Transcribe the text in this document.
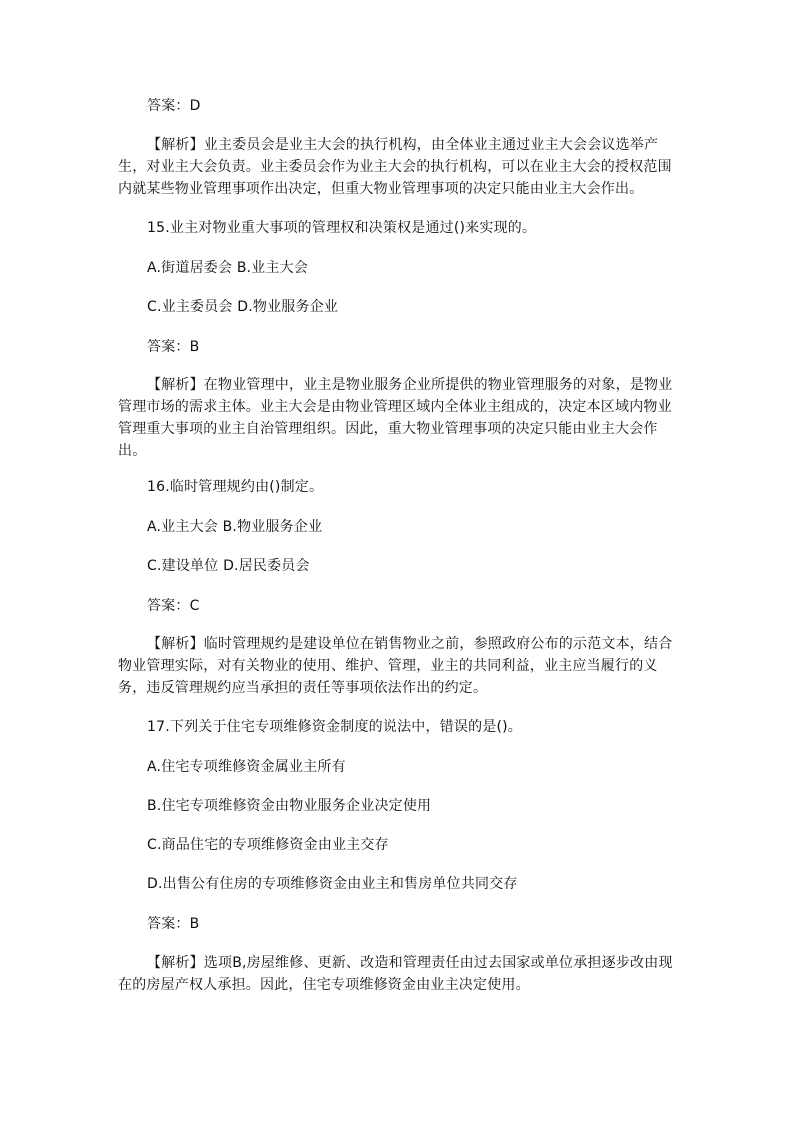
答案：D

【解析】业主委员会是业主大会的执行机构，由全体业主通过业主大会会议选举产生，对业主大会负责。业主委员会作为业主大会的执行机构，可以在业主大会的授权范围内就某些物业管理事项作出决定，但重大物业管理事项的决定只能由业主大会作出。

15.业主对物业重大事项的管理权和决策权是通过()来实现的。

A.街道居委会 B.业主大会

C.业主委员会 D.物业服务企业

答案：B

【解析】在物业管理中，业主是物业服务企业所提供的物业管理服务的对象，是物业管理市场的需求主体。业主大会是由物业管理区域内全体业主组成的，决定本区域内物业管理重大事项的业主自治管理组织。因此，重大物业管理事项的决定只能由业主大会作出。

16.临时管理规约由()制定。

A.业主大会 B.物业服务企业

C.建设单位 D.居民委员会

答案：C

【解析】临时管理规约是建设单位在销售物业之前，参照政府公布的示范文本，结合物业管理实际，对有关物业的使用、维护、管理，业主的共同利益，业主应当履行的义务，违反管理规约应当承担的责任等事项依法作出的约定。

17.下列关于住宅专项维修资金制度的说法中，错误的是()。

A.住宅专项维修资金属业主所有

B.住宅专项维修资金由物业服务企业决定使用

C.商品住宅的专项维修资金由业主交存

D.出售公有住房的专项维修资金由业主和售房单位共同交存

答案：B

【解析】选项B,房屋维修、更新、改造和管理责任由过去国家或单位承担逐步改由现在的房屋产权人承担。因此，住宅专项维修资金由业主决定使用。
